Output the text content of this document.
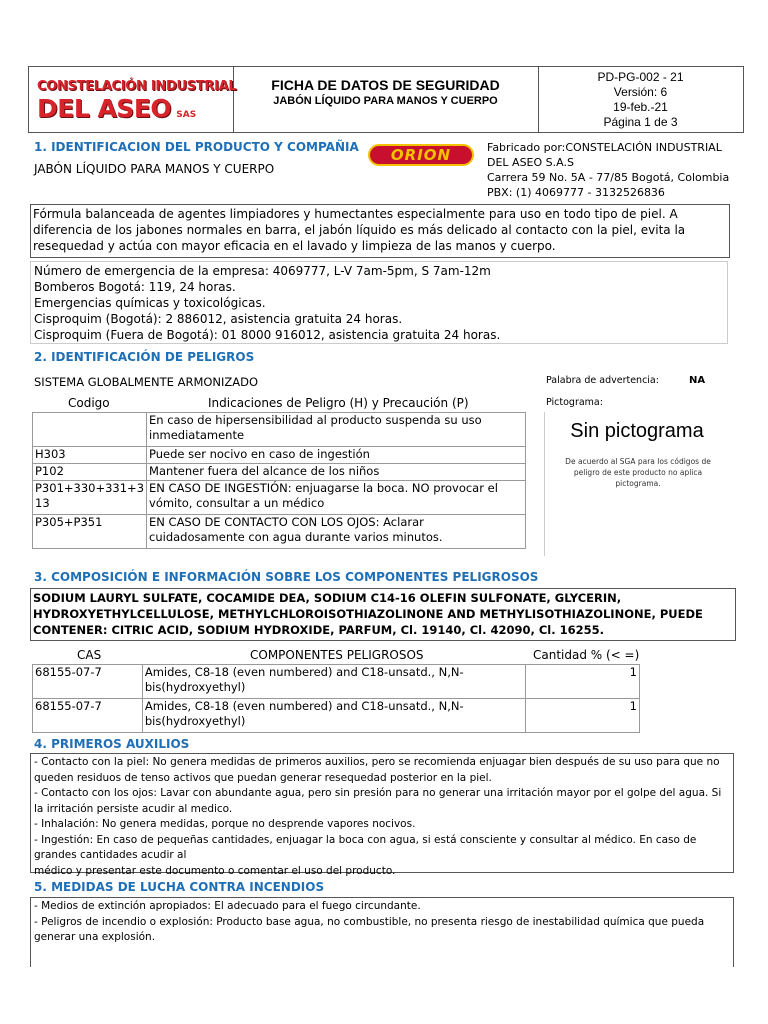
CONSTELACIÓN INDUSTRIAL
DEL ASEO SAS
FICHA DE DATOS DE SEGURIDAD
JABÓN LÍQUIDO PARA MANOS Y CUERPO
PD-PG-002 - 21
Versión: 6
19-feb.-21
Página 1 de 3
1. IDENTIFICACION DEL PRODUCTO Y COMPAÑIA
JABÓN LÍQUIDO PARA MANOS Y CUERPO
ORION	Fabricado por:CONSTELACIÓN INDUSTRIAL
DEL ASEO S.A.S
Carrera 59 No. 5A - 77/85 Bogotá, Colombia
PBX: (1) 4069777 - 3132526836
Fórmula balanceada de agentes limpiadores y humectantes especialmente para uso en todo tipo de piel. A diferencia de los jabones normales en barra, el jabón líquido es más delicado al contacto con la piel, evita la resequedad y actúa con mayor eficacia en el lavado y limpieza de las manos y cuerpo.
Número de emergencia de la empresa: 4069777, L-V 7am-5pm, S 7am-12m
Bomberos Bogotá: 119, 24 horas.
Emergencias químicas y toxicológicas.
Cisproquim (Bogotá): 2 886012, asistencia gratuita 24 horas.
Cisproquim (Fuera de Bogotá): 01 8000 916012, asistencia gratuita 24 horas.
2. IDENTIFICACIÓN DE PELIGROS
SISTEMA GLOBALMENTE ARMONIZADO	Palabra de advertencia:	NA
Codigo	Indicaciones de Peligro (H) y Precaución (P)	Pictograma:
	En caso de hipersensibilidad al producto suspenda su uso inmediatamente
H303	Puede ser nocivo en caso de ingestión
P102	Mantener fuera del alcance de los niños
P301+330+331+3 13	EN CASO DE INGESTIÓN: enjuagarse la boca. NO provocar el vómito, consultar a un médico
P305+P351	EN CASO DE CONTACTO CON LOS OJOS: Aclarar cuidadosamente con agua durante varios minutos.
Sin pictograma
De acuerdo al SGA para los códigos de peligro de este producto no aplica pictograma.
3. COMPOSICIÓN E INFORMACIÓN SOBRE LOS COMPONENTES PELIGROSOS
SODIUM LAURYL SULFATE, COCAMIDE DEA, SODIUM C14-16 OLEFIN SULFONATE, GLYCERIN, HYDROXYETHYLCELLULOSE, METHYLCHLOROISOTHIAZOLINONE AND METHYLISOTHIAZOLINONE, PUEDE CONTENER: CITRIC ACID, SODIUM HYDROXIDE, PARFUM, Cl. 19140, Cl. 42090, Cl. 16255.
CAS	COMPONENTES PELIGROSOS	Cantidad % (< =)
68155-07-7	Amides, C8-18 (even numbered) and C18-unsatd., N,N-bis(hydroxyethyl)	1
68155-07-7	Amides, C8-18 (even numbered) and C18-unsatd., N,N-bis(hydroxyethyl)	1
4. PRIMEROS AUXILIOS
- Contacto con la piel: No genera medidas de primeros auxilios, pero se recomienda enjuagar bien después de su uso para que no queden residuos de tenso activos que puedan generar resequedad posterior en la piel.
- Contacto con los ojos: Lavar con abundante agua, pero sin presión para no generar una irritación mayor por el golpe del agua. Si la irritación persiste acudir al medico.
- Inhalación: No genera medidas, porque no desprende vapores nocivos.
- Ingestión: En caso de pequeñas cantidades, enjuagar la boca con agua, si está consciente y consultar al médico. En caso de grandes cantidades acudir al
médico y presentar este documento o comentar el uso del producto.
5. MEDIDAS DE LUCHA CONTRA INCENDIOS
- Medios de extinción apropiados: El adecuado para el fuego circundante.
- Peligros de incendio o explosión: Producto base agua, no combustible, no presenta riesgo de inestabilidad química que pueda generar una explosión.
